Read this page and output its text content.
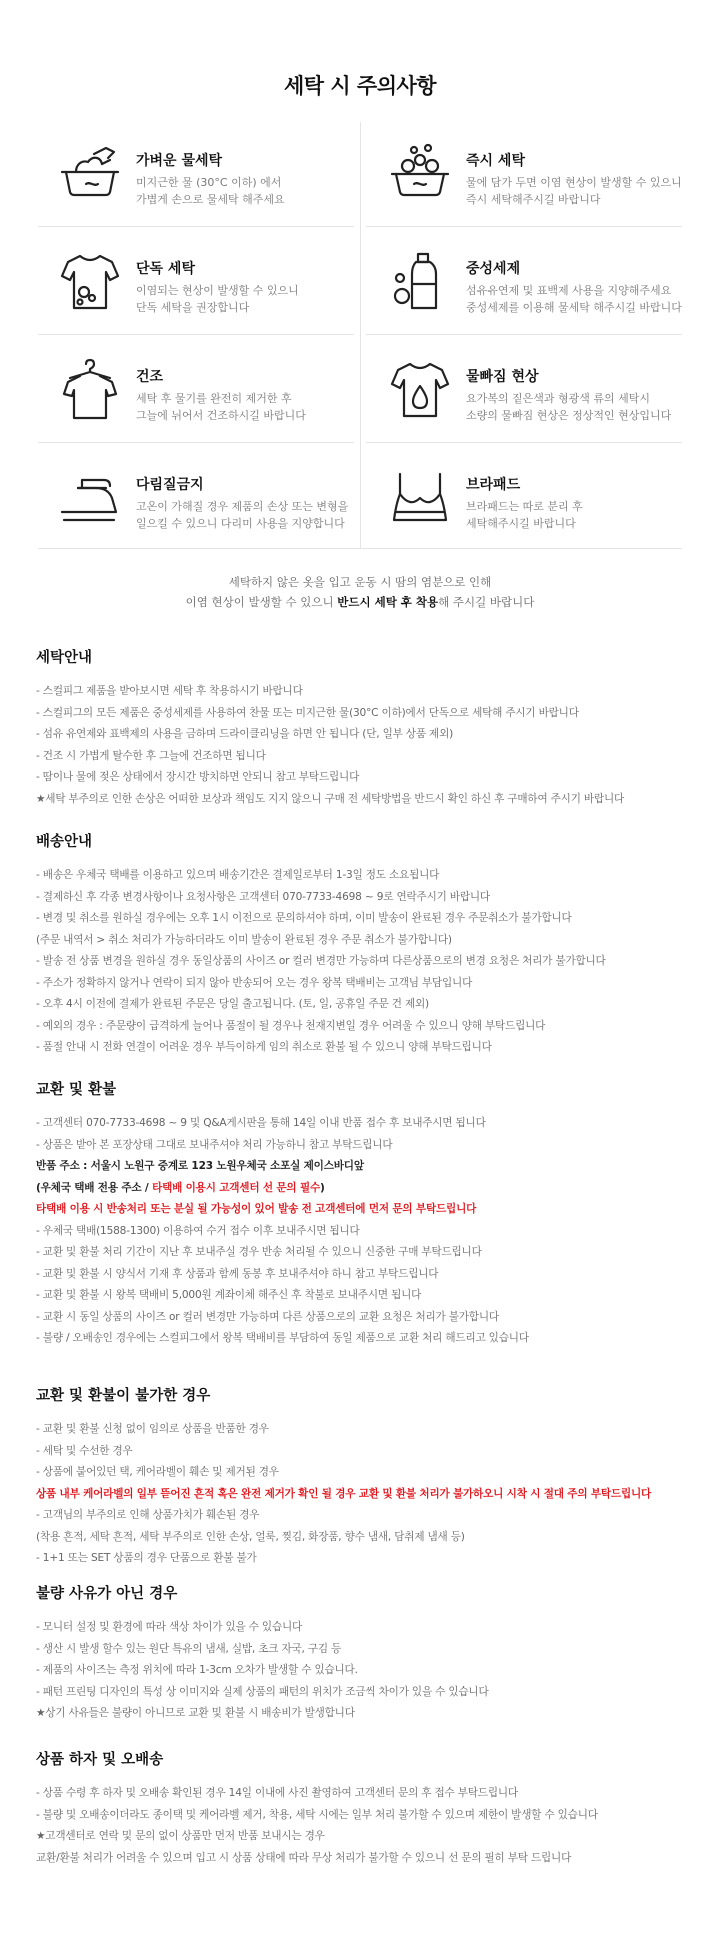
세탁 시 주의사항
가벼운 물세탁
미지근한 물 (30°C 이하) 에서
가볍게 손으로 물세탁 해주세요
즉시 세탁
물에 담가 두면 이염 현상이 발생할 수 있으니
즉시 세탁해주시길 바랍니다
단독 세탁
이염되는 현상이 발생할 수 있으니
단독 세탁을 권장합니다
중성세제
섬유유연제 및 표백제 사용을 지양해주세요
중성세제를 이용해 물세탁 해주시길 바랍니다
건조
세탁 후 물기를 완전히 제거한 후
그늘에 뉘어서 건조하시길 바랍니다
물빠짐 현상
요가복의 짙은색과 형광색 류의 세탁시
소량의 물빠짐 현상은 정상적인 현상입니다
다림질금지
고온이 가해질 경우 제품의 손상 또는 변형을
일으킬 수 있으니 다리미 사용을 지양합니다
브라패드
브라패드는 따로 분리 후
세탁해주시길 바랍니다
세탁하지 않은 옷을 입고 운동 시 땀의 염분으로 인해
이염 현상이 발생할 수 있으니 반드시 세탁 후 착용해 주시길 바랍니다
세탁안내
- 스컬피그 제품을 받아보시면 세탁 후 착용하시기 바랍니다
- 스컬피그의 모든 제품은 중성세제를 사용하여 찬물 또는 미지근한 물(30°C 이하)에서 단독으로 세탁해 주시기 바랍니다
- 섬유 유연제와 표백제의 사용을 금하며 드라이클리닝을 하면 안 됩니다 (단, 일부 상품 제외)
- 건조 시 가볍게 탈수한 후 그늘에 건조하면 됩니다
- 땀이나 물에 젖은 상태에서 장시간 방치하면 안되니 참고 부탁드립니다
★세탁 부주의로 인한 손상은 어떠한 보상과 책임도 지지 않으니 구매 전 세탁방법을 반드시 확인 하신 후 구매하여 주시기 바랍니다
배송안내
- 배송은 우체국 택배를 이용하고 있으며 배송기간은 결제일로부터 1-3일 정도 소요됩니다
- 결제하신 후 각종 변경사항이나 요청사항은 고객센터 070-7733-4698 ~ 9로 연락주시기 바랍니다
- 변경 및 취소를 원하실 경우에는 오후 1시 이전으로 문의하셔야 하며, 이미 발송이 완료된 경우 주문취소가 불가합니다
(주문 내역서 > 취소 처리가 가능하더라도 이미 발송이 완료된 경우 주문 취소가 불가합니다)
- 발송 전 상품 변경을 원하실 경우 동일상품의 사이즈 or 컬러 변경만 가능하며 다른상품으로의 변경 요청은 처리가 불가합니다
- 주소가 정확하지 않거나 연락이 되지 않아 반송되어 오는 경우 왕복 택배비는 고객님 부담입니다
- 오후 4시 이전에 결제가 완료된 주문은 당일 출고됩니다. (토, 일, 공휴일 주문 건 제외)
- 예외의 경우 : 주문량이 급격하게 늘어나 품절이 될 경우나 천재지변일 경우 어려울 수 있으니 양해 부탁드립니다
- 품절 안내 시 전화 연결이 어려운 경우 부득이하게 임의 취소로 환불 될 수 있으니 양해 부탁드립니다
교환 및 환불
- 고객센터 070-7733-4698 ~ 9 및 Q&A게시판을 통해 14일 이내 반품 접수 후 보내주시면 됩니다
- 상품은 받아 본 포장상태 그대로 보내주셔야 처리 가능하니 참고 부탁드립니다
반품 주소 : 서울시 노원구 중계로 123 노원우체국 소포실 제이스바디앞
(우체국 택배 전용 주소 / 타택배 이용시 고객센터 선 문의 필수)
타택배 이용 시 반송처리 또는 분실 될 가능성이 있어 발송 전 고객센터에 먼저 문의 부탁드립니다
- 우체국 택배(1588-1300) 이용하여 수거 접수 이후 보내주시면 됩니다
- 교환 및 환불 처리 기간이 지난 후 보내주실 경우 반송 처리될 수 있으니 신중한 구매 부탁드립니다
- 교환 및 환불 시 양식서 기재 후 상품과 함께 동봉 후 보내주셔야 하니 참고 부탁드립니다
- 교환 및 환불 시 왕복 택배비 5,000원 계좌이체 해주신 후 착불로 보내주시면 됩니다
- 교환 시 동일 상품의 사이즈 or 컬러 변경만 가능하며 다른 상품으로의 교환 요청은 처리가 불가합니다
- 불량 / 오배송인 경우에는 스컬피그에서 왕복 택배비를 부담하여 동일 제품으로 교환 처리 해드리고 있습니다
교환 및 환불이 불가한 경우
- 교환 및 환불 신청 없이 임의로 상품을 반품한 경우
- 세탁 및 수선한 경우
- 상품에 붙어있던 택, 케어라벨이 훼손 및 제거된 경우
상품 내부 케어라벨의 일부 뜯어진 흔적 혹은 완전 제거가 확인 될 경우 교환 및 환불 처리가 불가하오니 시착 시 절대 주의 부탁드립니다
- 고객님의 부주의로 인해 상품가치가 훼손된 경우
(착용 흔적, 세탁 흔적, 세탁 부주의로 인한 손상, 얼룩, 찢김, 화장품, 향수 냄새, 담취제 냄새 등)
- 1+1 또는 SET 상품의 경우 단품으로 환불 불가
불량 사유가 아닌 경우
- 모니터 설정 및 환경에 따라 색상 차이가 있을 수 있습니다
- 생산 시 발생 할수 있는 원단 특유의 냄새, 실밥, 초크 자국, 구김 등
- 제품의 사이즈는 측정 위치에 따라 1-3cm 오차가 발생할 수 있습니다.
- 패턴 프린팅 디자인의 특성 상 이미지와 실제 상품의 패턴의 위치가 조금씩 차이가 있을 수 있습니다
★상기 사유들은 불량이 아니므로 교환 및 환불 시 배송비가 발생합니다
상품 하자 및 오배송
- 상품 수령 후 하자 및 오배송 확인된 경우 14일 이내에 사진 촬영하여 고객센터 문의 후 접수 부탁드립니다
- 불량 및 오배송이더라도 종이택 및 케어라벨 제거, 착용, 세탁 시에는 일부 처리 불가할 수 있으며 제한이 발생할 수 있습니다
★고객센터로 연락 및 문의 없이 상품만 먼저 반품 보내시는 경우
교환/환불 처리가 어려울 수 있으며 입고 시 상품 상태에 따라 무상 처리가 불가할 수 있으니 선 문의 필히 부탁 드립니다
